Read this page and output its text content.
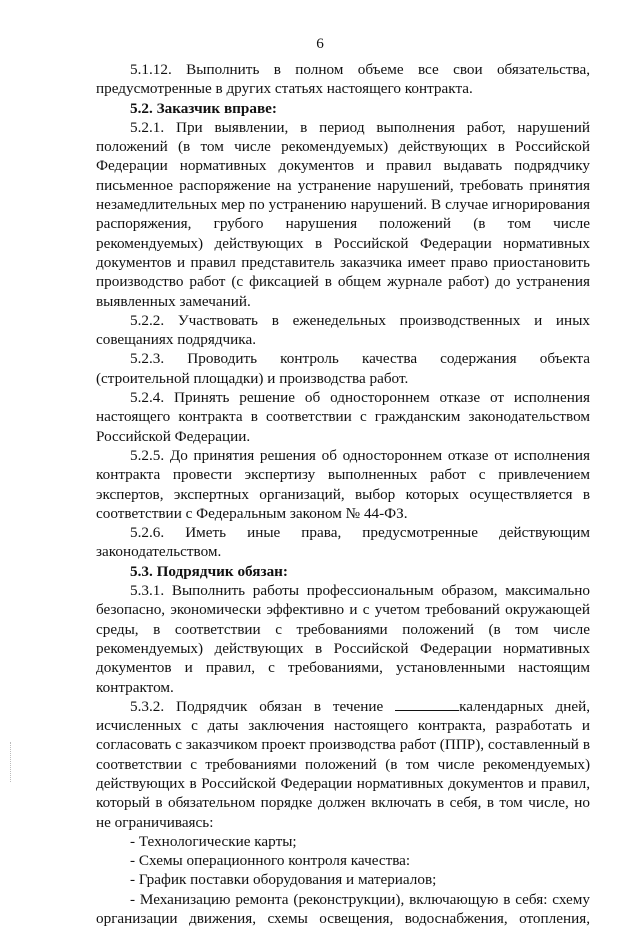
6

5.1.12. Выполнить в полном объеме все свои обязательства, предусмотренные в других статьях настоящего контракта.

5.2. Заказчик вправе:

5.2.1. При выявлении, в период выполнения работ, нарушений положений (в том числе рекомендуемых) действующих в Российской Федерации нормативных документов и правил выдавать подрядчику письменное распоряжение на устранение нарушений, требовать принятия незамедлительных мер по устранению нарушений. В случае игнорирования распоряжения, грубого нарушения положений (в том числе рекомендуемых) действующих в Российской Федерации нормативных документов и правил представитель заказчика имеет право приостановить производство работ (с фиксацией в общем журнале работ) до устранения выявленных замечаний.

5.2.2. Участвовать в еженедельных производственных и иных совещаниях подрядчика.

5.2.3. Проводить контроль качества содержания объекта (строительной площадки) и производства работ.

5.2.4. Принять решение об одностороннем отказе от исполнения настоящего контракта в соответствии с гражданским законодательством Российской Федерации.

5.2.5. До принятия решения об одностороннем отказе от исполнения контракта провести экспертизу выполненных работ с привлечением экспертов, экспертных организаций, выбор которых осуществляется в соответствии с Федеральным законом № 44-ФЗ.

5.2.6. Иметь иные права, предусмотренные действующим законодательством.

5.3. Подрядчик обязан:

5.3.1. Выполнить работы профессиональным образом, максимально безопасно, экономически эффективно и с учетом требований окружающей среды, в соответствии с требованиями положений (в том числе рекомендуемых) действующих в Российской Федерации нормативных документов и правил, с требованиями, установленными настоящим контрактом.

5.3.2. Подрядчик обязан в течение	календарных дней, исчисленных с даты заключения настоящего контракта, разработать и согласовать с заказчиком проект производства работ (ППР), составленный в соответствии с требованиями положений (в том числе рекомендуемых) действующих в Российской Федерации нормативных документов и правил, который в обязательном порядке должен включать в себя, в том числе, но не ограничиваясь:

- Технологические карты;

- Схемы операционного контроля качества:

- График поставки оборудования и материалов;

- Механизацию ремонта (реконструкции), включающую в себя: схему организации движения, схемы освещения, водоснабжения, отопления,
